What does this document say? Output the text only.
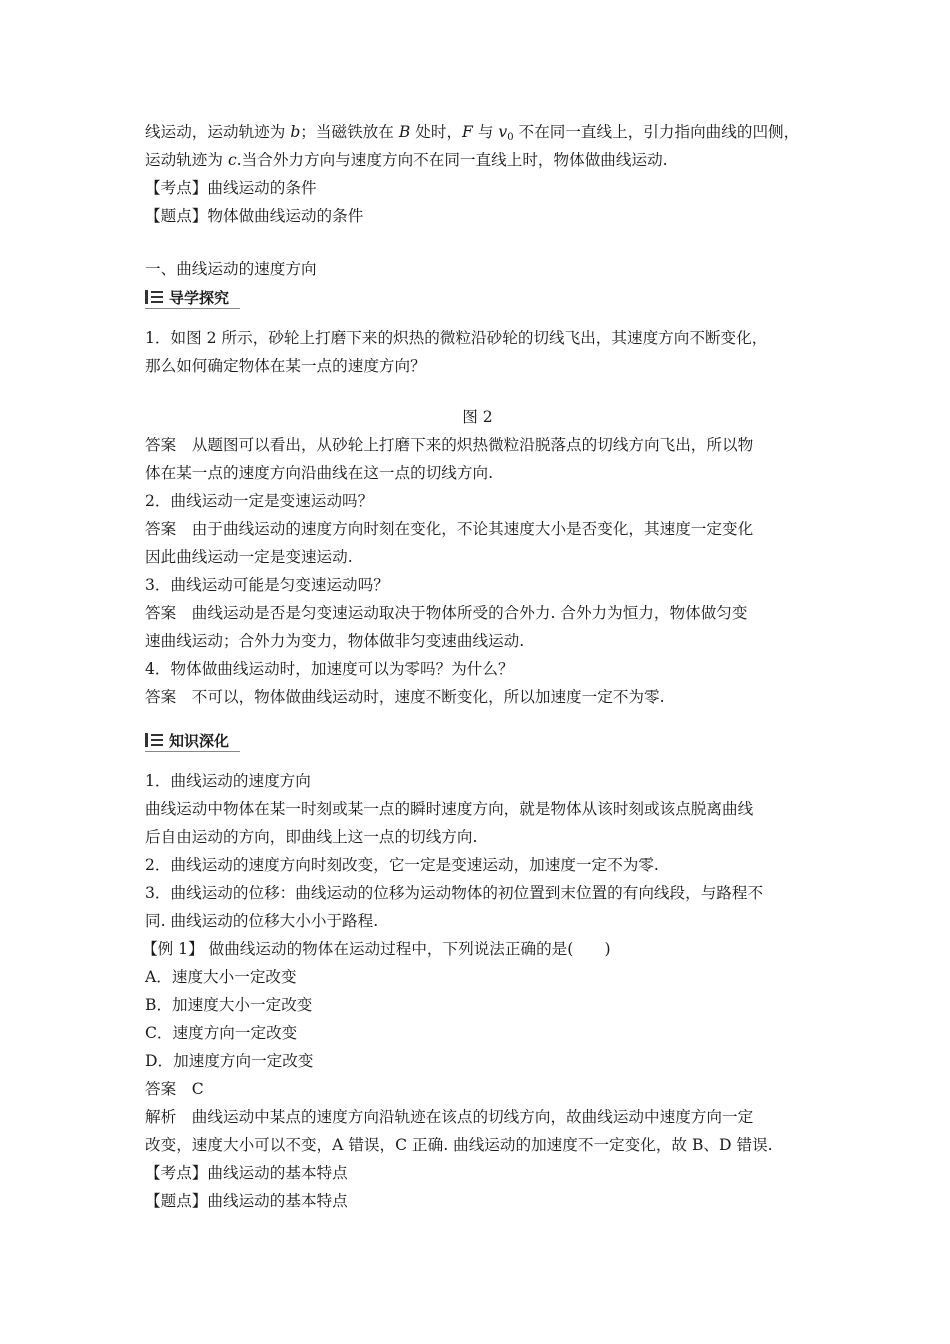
线运动，运动轨迹为 b；当磁铁放在 B 处时，F 与 $v_0$ 不在同一直线上，引力指向曲线的凹侧，
运动轨迹为 c.当合外力方向与速度方向不在同一直线上时，物体做曲线运动.
【考点】曲线运动的条件
【题点】物体做曲线运动的条件
一、曲线运动的速度方向
导学探究
1．如图 2 所示，砂轮上打磨下来的炽热的微粒沿砂轮的切线飞出，其速度方向不断变化，
那么如何确定物体在某一点的速度方向？
图 2
答案　从题图可以看出，从砂轮上打磨下来的炽热微粒沿脱落点的切线方向飞出，所以物
体在某一点的速度方向沿曲线在这一点的切线方向.
2．曲线运动一定是变速运动吗？
答案　由于曲线运动的速度方向时刻在变化，不论其速度大小是否变化，其速度一定变化
因此曲线运动一定是变速运动.
3．曲线运动可能是匀变速运动吗？
答案　曲线运动是否是匀变速运动取决于物体所受的合外力. 合外力为恒力，物体做匀变
速曲线运动；合外力为变力，物体做非匀变速曲线运动.
4．物体做曲线运动时，加速度可以为零吗？为什么？
答案　不可以，物体做曲线运动时，速度不断变化，所以加速度一定不为零.
知识深化
1．曲线运动的速度方向
曲线运动中物体在某一时刻或某一点的瞬时速度方向，就是物体从该时刻或该点脱离曲线
后自由运动的方向，即曲线上这一点的切线方向.
2．曲线运动的速度方向时刻改变，它一定是变速运动，加速度一定不为零.
3．曲线运动的位移：曲线运动的位移为运动物体的初位置到末位置的有向线段，与路程不
同. 曲线运动的位移大小小于路程.
【例 1】 做曲线运动的物体在运动过程中，下列说法正确的是(　　)
A．速度大小一定改变
B．加速度大小一定改变
C．速度方向一定改变
D．加速度方向一定改变
答案　C
解析　曲线运动中某点的速度方向沿轨迹在该点的切线方向，故曲线运动中速度方向一定
改变，速度大小可以不变，A 错误，C 正确. 曲线运动的加速度不一定变化，故 B、D 错误.
【考点】曲线运动的基本特点
【题点】曲线运动的基本特点
